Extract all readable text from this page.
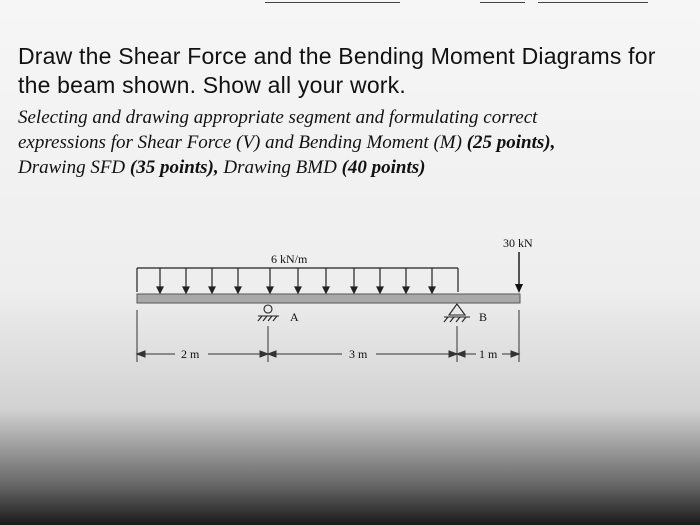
Draw the Shear Force and the Bending Moment Diagrams for

the beam shown. Show all your work.

Selecting and drawing appropriate segment and formulating correct

expressions for Shear Force (V) and Bending Moment (M) (25 points),

Drawing SFD (35 points), Drawing BMD (40 points)

6 kN/m
30 kN
A	B
2 m	3 m	1 m
